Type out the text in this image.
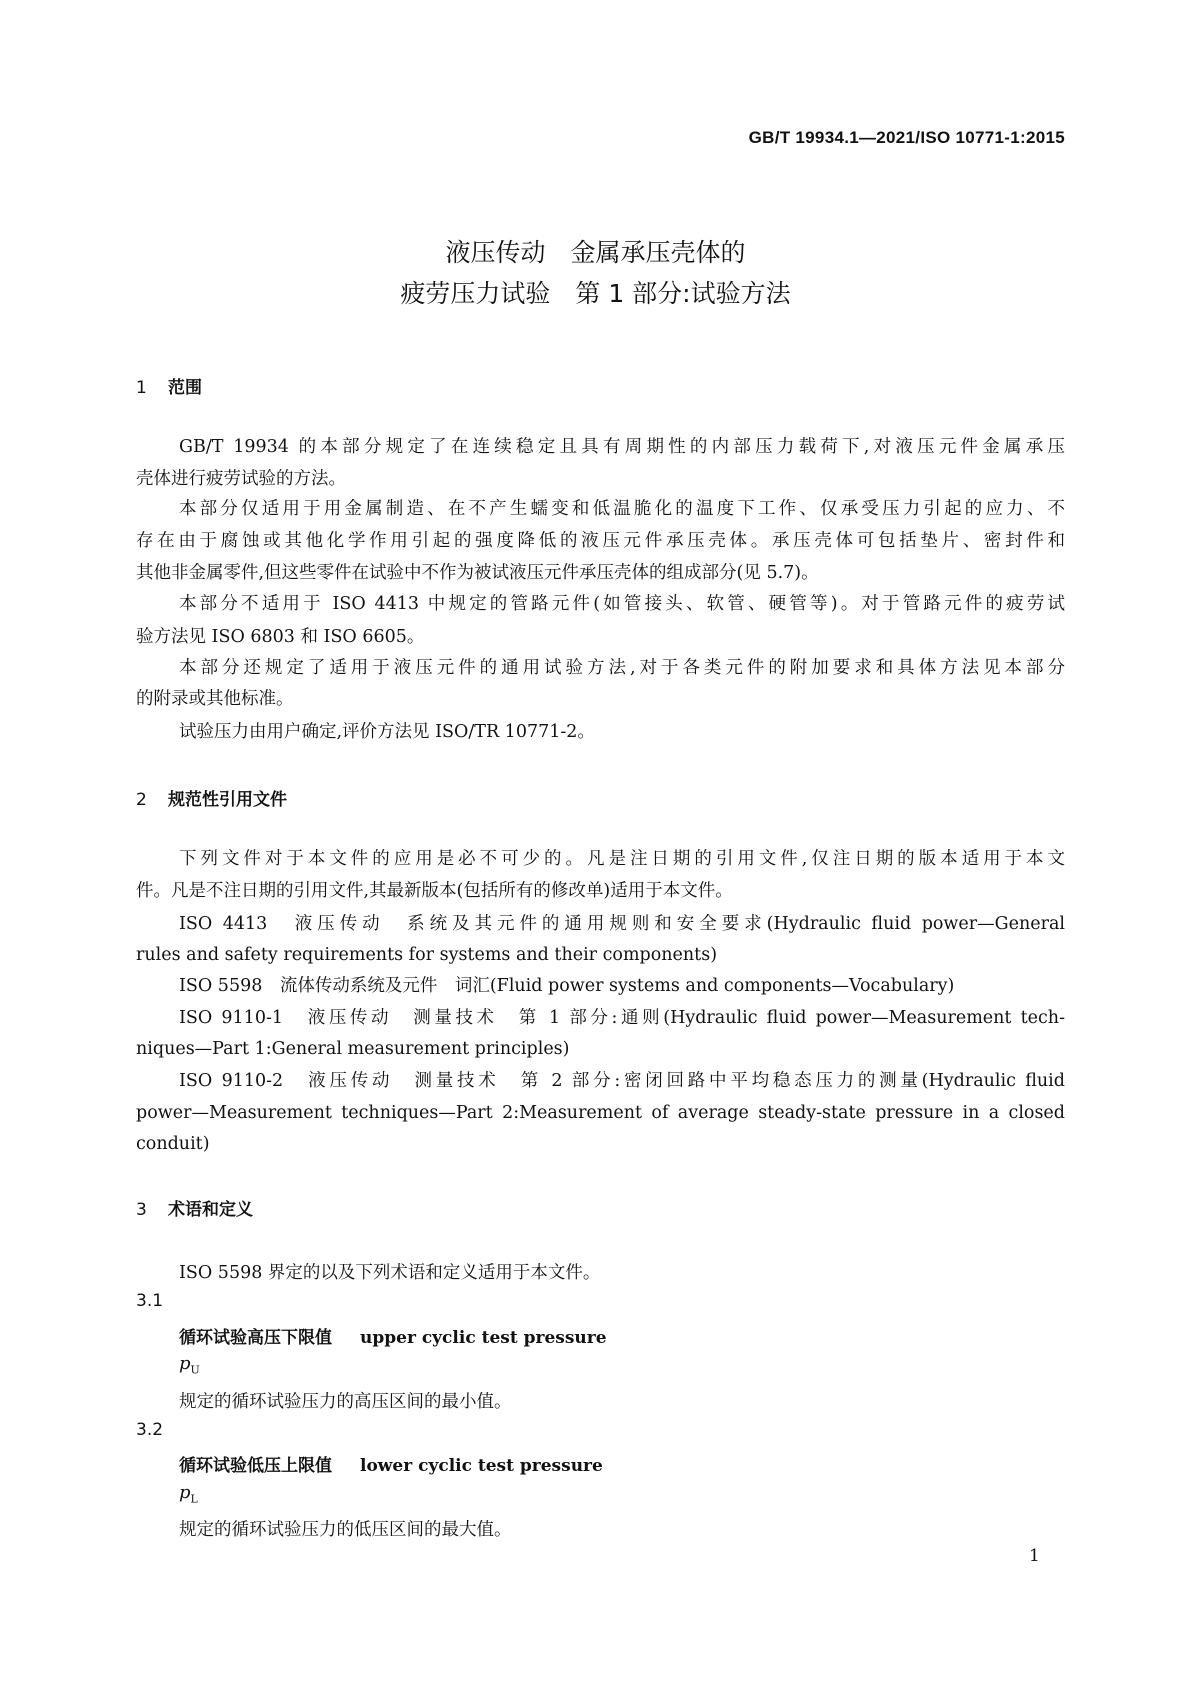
GB/T 19934.1—2021/ISO 10771-1:2015
液压传动　金属承压壳体的
疲劳压力试验　第 1 部分:试验方法
1 范围
GB/T 19934 的本部分规定了在连续稳定且具有周期性的内部压力载荷下,对液压元件金属承压
壳体进行疲劳试验的方法。
本部分仅适用于用金属制造、在不产生蠕变和低温脆化的温度下工作、仅承受压力引起的应力、不
存在由于腐蚀或其他化学作用引起的强度降低的液压元件承压壳体。承压壳体可包括垫片、密封件和
其他非金属零件,但这些零件在试验中不作为被试液压元件承压壳体的组成部分(见 5.7)。
本部分不适用于 ISO 4413 中规定的管路元件(如管接头、软管、硬管等)。对于管路元件的疲劳试
验方法见 ISO 6803 和 ISO 6605。
本部分还规定了适用于液压元件的通用试验方法,对于各类元件的附加要求和具体方法见本部分
的附录或其他标准。
试验压力由用户确定,评价方法见 ISO/TR 10771-2。
2 规范性引用文件
下列文件对于本文件的应用是必不可少的。凡是注日期的引用文件,仅注日期的版本适用于本文
件。凡是不注日期的引用文件,其最新版本(包括所有的修改单)适用于本文件。
ISO 4413　液压传动　系统及其元件的通用规则和安全要求(Hydraulic fluid power—General
rules and safety requirements for systems and their components)
ISO 5598　流体传动系统及元件　词汇(Fluid power systems and components—Vocabulary)
ISO 9110-1　液压传动　测量技术　第 1 部分:通则(Hydraulic fluid power—Measurement tech-
niques—Part 1:General measurement principles)
ISO 9110-2　液压传动　测量技术　第 2 部分:密闭回路中平均稳态压力的测量(Hydraulic fluid
power—Measurement techniques—Part 2:Measurement of average steady-state pressure in a closed
conduit)
3 术语和定义
ISO 5598 界定的以及下列术语和定义适用于本文件。
3.1
循环试验高压下限值 upper cyclic test pressure
$p_U$
规定的循环试验压力的高压区间的最小值。
3.2
循环试验低压上限值 lower cyclic test pressure
$p_L$
规定的循环试验压力的低压区间的最大值。
1
